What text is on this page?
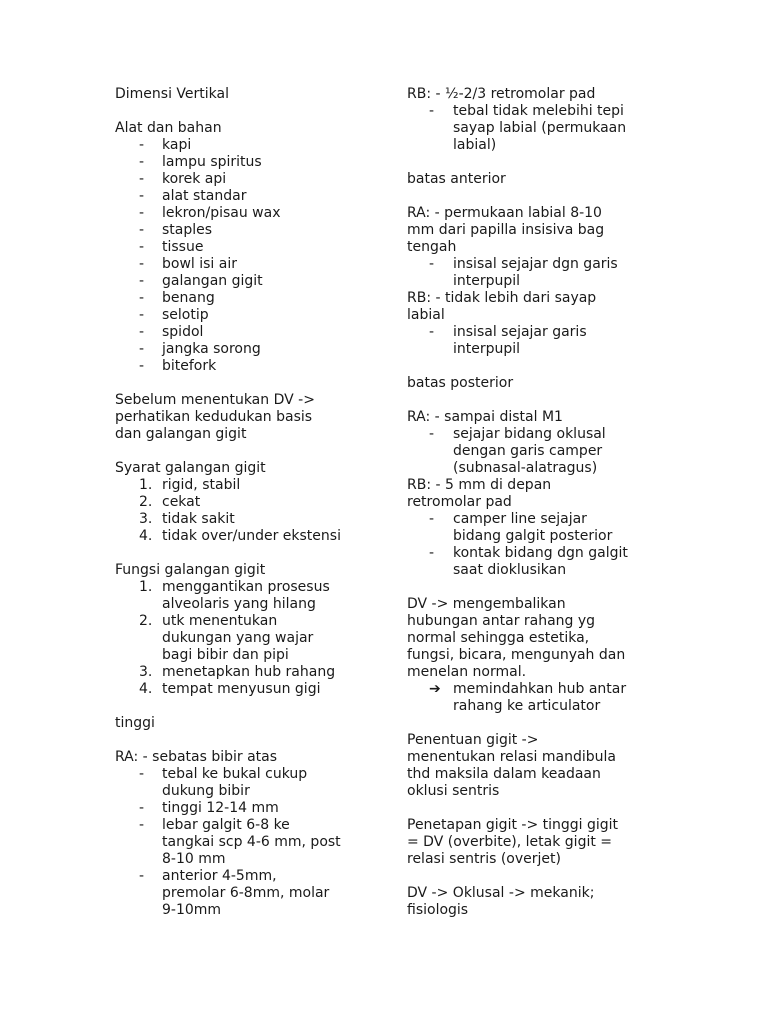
Dimensi Vertikal
Alat dan bahan
- kapi
- lampu spiritus
- korek api
- alat standar
- lekron/pisau wax
- staples
- tissue
- bowl isi air
- galangan gigit
- benang
- selotip
- spidol
- jangka sorong
- bitefork
Sebelum menentukan DV ->
perhatikan kedudukan basis
dan galangan gigit
Syarat galangan gigit
1. rigid, stabil
2. cekat
3. tidak sakit
4. tidak over/under ekstensi
Fungsi galangan gigit
1. menggantikan prosesus
alveolaris yang hilang
2. utk menentukan
dukungan yang wajar
bagi bibir dan pipi
3. menetapkan hub rahang
4. tempat menyusun gigi
tinggi
RA: - sebatas bibir atas
- tebal ke bukal cukup
dukung bibir
- tinggi 12-14 mm
- lebar galgit 6-8 ke
tangkai scp 4-6 mm, post
8-10 mm
- anterior 4-5mm,
premolar 6-8mm, molar
9-10mm
RB: - ½-2/3 retromolar pad
- tebal tidak melebihi tepi
sayap labial (permukaan
labial)
batas anterior
RA: - permukaan labial 8-10
mm dari papilla insisiva bag
tengah
- insisal sejajar dgn garis
interpupil
RB: - tidak lebih dari sayap
labial
- insisal sejajar garis
interpupil
batas posterior
RA: - sampai distal M1
- sejajar bidang oklusal
dengan garis camper
(subnasal-alatragus)
RB: - 5 mm di depan
retromolar pad
- camper line sejajar
bidang galgit posterior
- kontak bidang dgn galgit
saat dioklusikan
DV -> mengembalikan
hubungan antar rahang yg
normal sehingga estetika,
fungsi, bicara, mengunyah dan
menelan normal.
➔ memindahkan hub antar
rahang ke articulator
Penentuan gigit ->
menentukan relasi mandibula
thd maksila dalam keadaan
oklusi sentris
Penetapan gigit -> tinggi gigit
= DV (overbite), letak gigit =
relasi sentris (overjet)
DV -> Oklusal -> mekanik;
fisiologis
